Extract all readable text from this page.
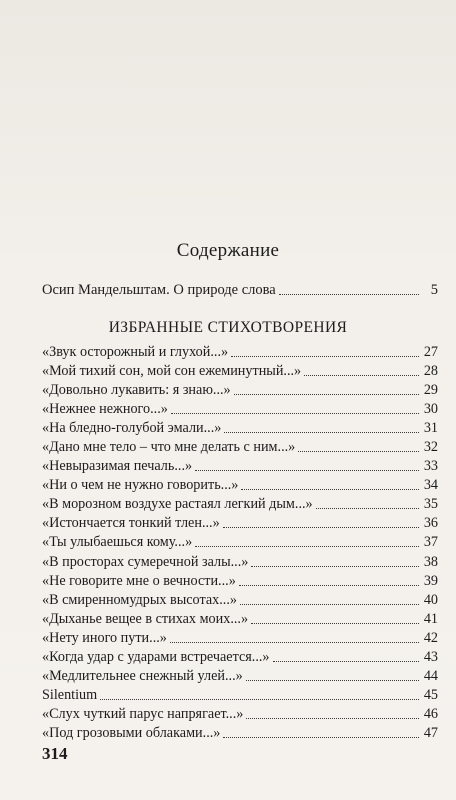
Содержание
Осип Мандельштам. О природе слова	5
ИЗБРАННЫЕ СТИХОТВОРЕНИЯ
«Звук осторожный и глухой...»	27
«Мой тихий сон, мой сон ежеминутный...»	28
«Довольно лукавить: я знаю...»	29
«Нежнее нежного...»	30
«На бледно-голубой эмали...»	31
«Дано мне тело – что мне делать с ним...»	32
«Невыразимая печаль...»	33
«Ни о чем не нужно говорить...»	34
«В морозном воздухе растаял легкий дым...»	35
«Истончается тонкий тлен...»	36
«Ты улыбаешься кому...»	37
«В просторах сумеречной залы...»	38
«Не говорите мне о вечности...»	39
«В смиренномудрых высотах...»	40
«Дыханье вещее в стихах моих...»	41
«Нету иного пути...»	42
«Когда удар с ударами встречается...»	43
«Медлительнее снежный улей...»	44
Silentium	45
«Слух чуткий парус напрягает...»	46
«Под грозовыми облаками...»	47
314
